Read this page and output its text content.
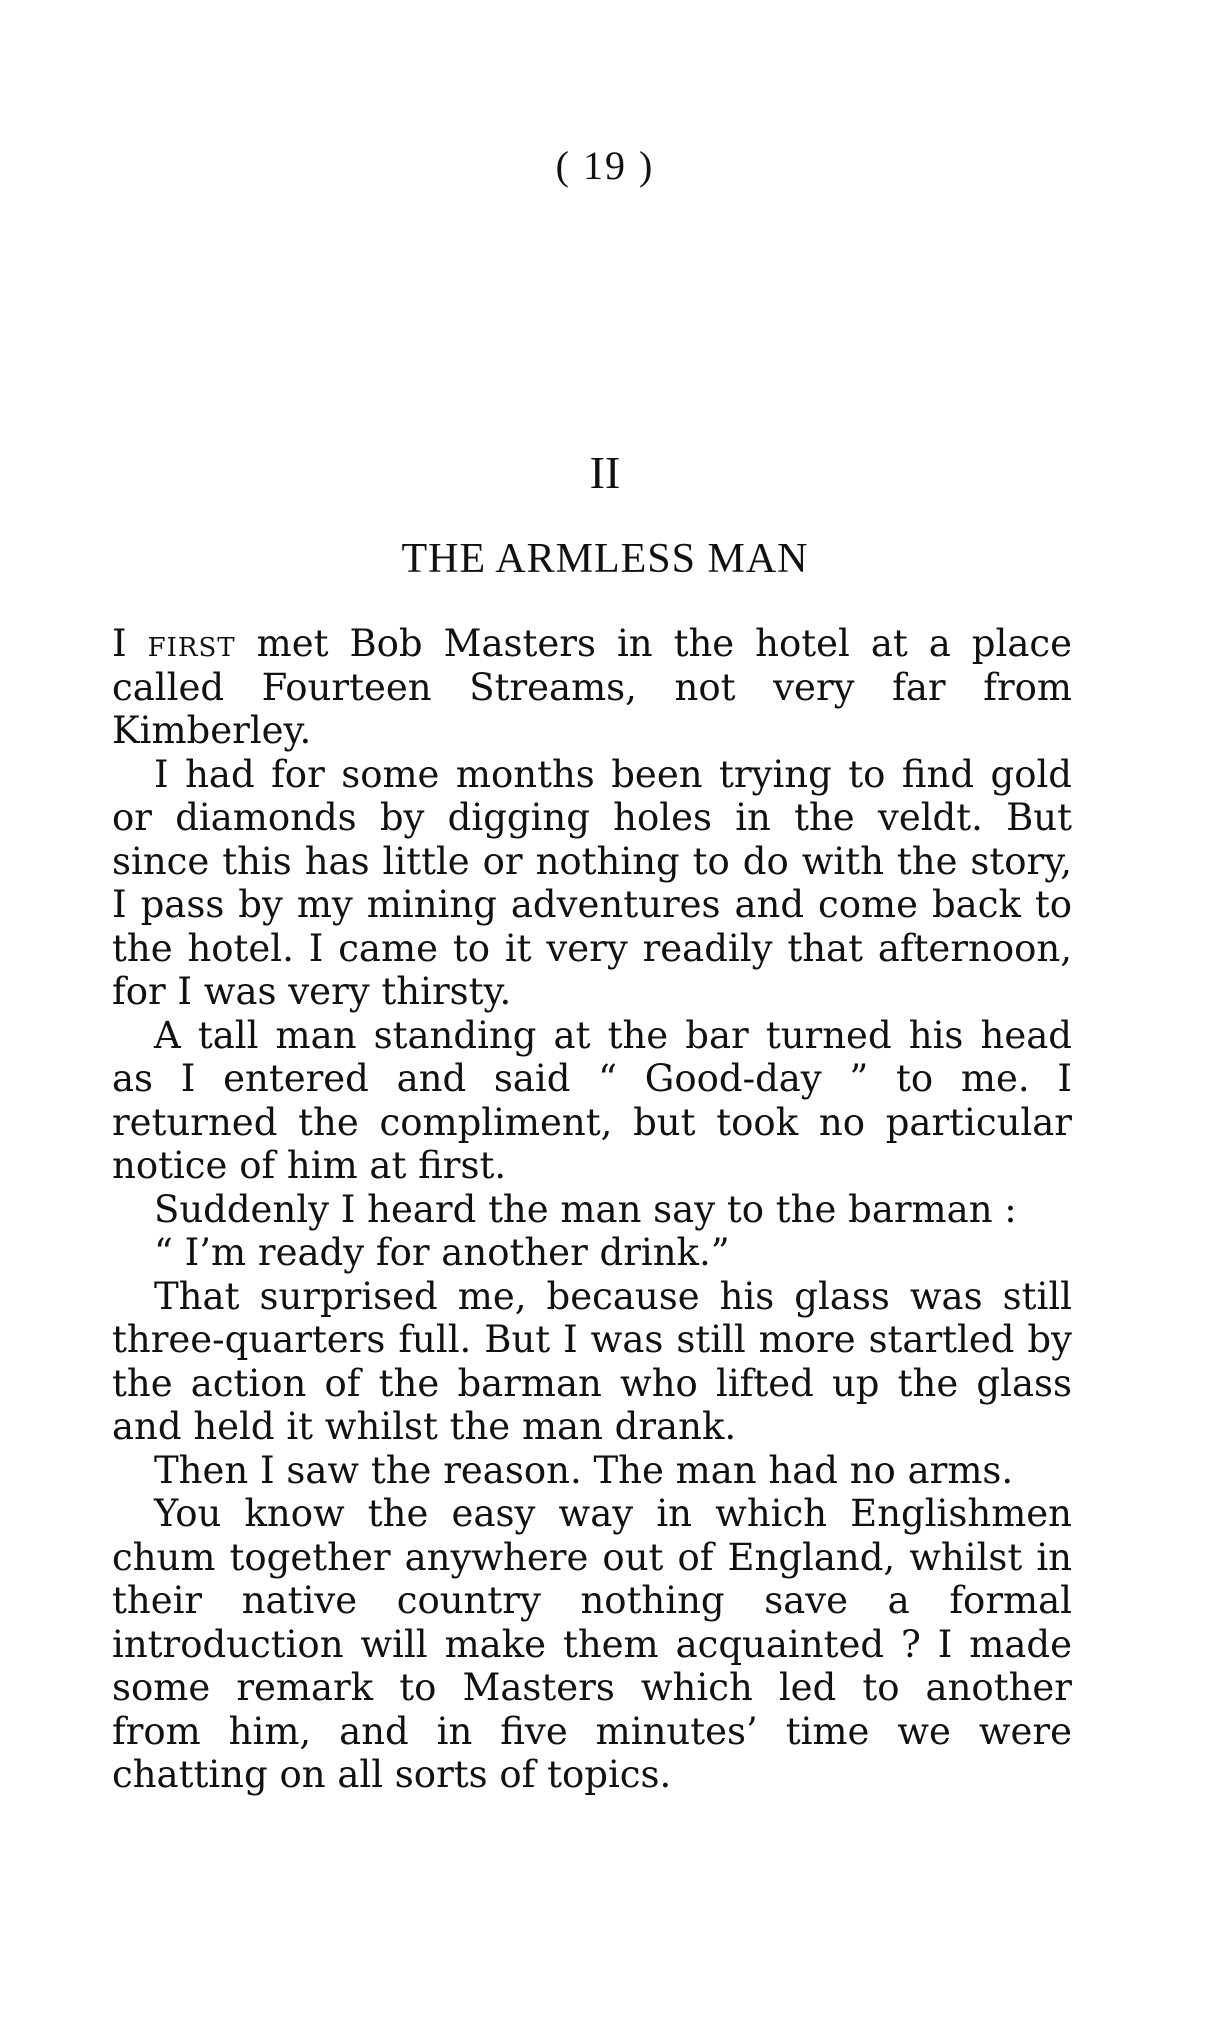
( 19 )
II
THE ARMLESS MAN

I first met Bob Masters in the hotel at a place called Fourteen Streams, not very far from Kimberley.

I had for some months been trying to find gold or diamonds by digging holes in the veldt. But since this has little or nothing to do with the story, I pass by my mining adventures and come back to the hotel. I came to it very readily that afternoon, for I was very thirsty.

A tall man standing at the bar turned his head as I entered and said “ Good-day ” to me. I returned the compliment, but took no particular notice of him at first.

Suddenly I heard the man say to the barman :

“ I’m ready for another drink.”

That surprised me, because his glass was still three-quarters full. But I was still more startled by the action of the barman who lifted up the glass and held it whilst the man drank.

Then I saw the reason. The man had no arms.

You know the easy way in which Englishmen chum together anywhere out of England, whilst in their native country nothing save a formal introduction will make them acquainted ? I made some remark to Masters which led to another from him, and in five minutes’ time we were chatting on all sorts of topics.
